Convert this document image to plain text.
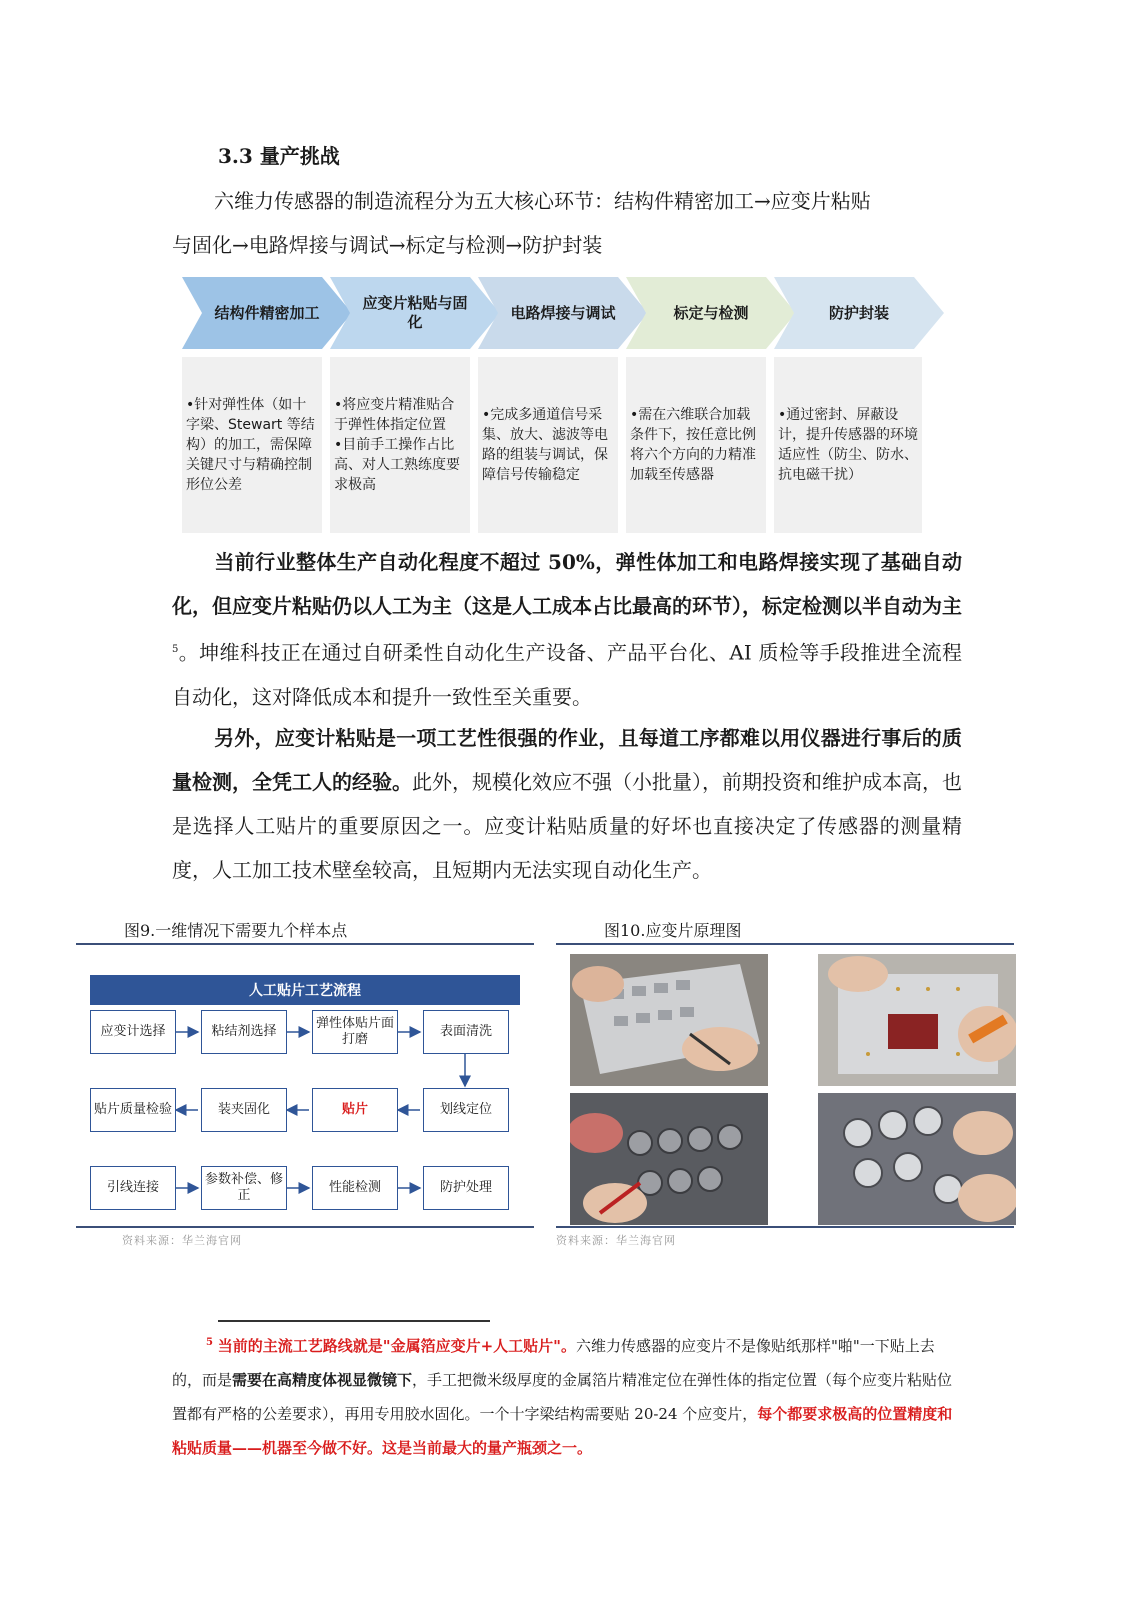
3.3 量产挑战
六维力传感器的制造流程分为五大核心环节：结构件精密加工→应变片粘贴
与固化→电路焊接与调试→标定与检测→防护封装
结构件精密加工
应变片粘贴与固化
电路焊接与调试	标定与检测	防护封装
•针对弹性体（如十字梁、Stewart 等结构）的加工，需保障关键尺寸与精确控制形位公差
•将应变片精准贴合于弹性体指定位置
•目前手工操作占比高、对人工熟练度要求极高
•完成多通道信号采集、放大、滤波等电路的组装与调试，保障信号传输稳定
•需在六维联合加载条件下，按任意比例将六个方向的力精准加载至传感器
•通过密封、屏蔽设计，提升传感器的环境适应性（防尘、防水、抗电磁干扰）

当前行业整体生产自动化程度不超过 50%，弹性体加工和电路焊接实现了基础自动化，但应变片粘贴仍以人工为主（这是人工成本占比最高的环节），标定检测以半自动为主$^5$。坤维科技正在通过自研柔性自动化生产设备、产品平台化、AI 质检等手段推进全流程自动化，这对降低成本和提升一致性至关重要。

另外，应变计粘贴是一项工艺性很强的作业，且每道工序都难以用仪器进行事后的质量检测，全凭工人的经验。此外，规模化效应不强（小批量），前期投资和维护成本高，也是选择人工贴片的重要原因之一。应变计粘贴质量的好坏也直接决定了传感器的测量精度，人工加工技术壁垒较高，且短期内无法实现自动化生产。

图9.一维情况下需要九个样本点
人工贴片工艺流程
应变计选择	粘结剂选择
弹性体贴片面打磨
表面清洗
划线定位
贴片
装夹固化
贴片质量检验
引线连接
参数补偿、修正
性能检测	防护处理
资料来源：华兰海官网
图10.应变片原理图
资料来源：华兰海官网

$^5$ 当前的主流工艺路线就是"金属箔应变片+人工贴片"。六维力传感器的应变片不是像贴纸那样"啪"一下贴上去的，而是需要在高精度体视显微镜下，手工把微米级厚度的金属箔片精准定位在弹性体的指定位置（每个应变片粘贴位置都有严格的公差要求），再用专用胶水固化。一个十字梁结构需要贴 20-24 个应变片，每个都要求极高的位置精度和粘贴质量——机器至今做不好。这是当前最大的量产瓶颈之一。
